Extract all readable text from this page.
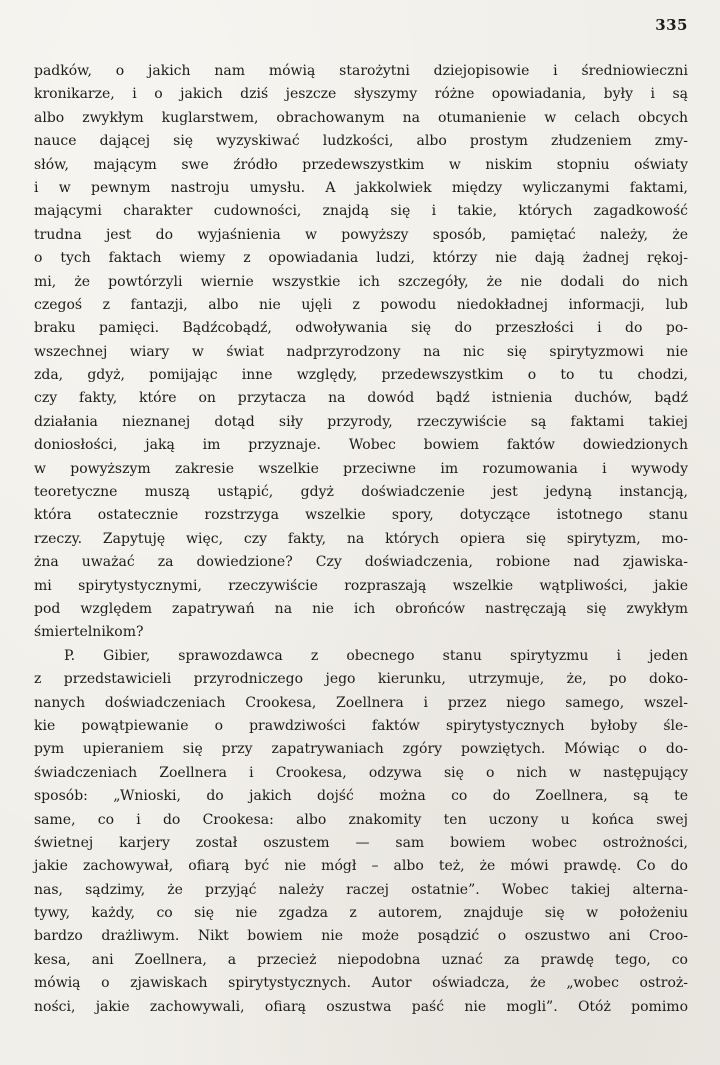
335

padków, o jakich nam mówią starożytni dziejopisowie i średniowieczni
kronikarze, i o jakich dziś jeszcze słyszymy różne opowiadania, były i są
albo zwykłym kuglarstwem, obrachowanym na otumanienie w celach obcych
nauce dającej się wyzyskiwać ludzkości, albo prostym złudzeniem zmy-
słów, mającym swe źródło przedewszystkim w niskim stopniu oświaty
i w pewnym nastroju umysłu. A jakkolwiek między wyliczanymi faktami,
mającymi charakter cudowności, znajdą się i takie, których zagadkowość
trudna jest do wyjaśnienia w powyższy sposób, pamiętać należy, że
o tych faktach wiemy z opowiadania ludzi, którzy nie dają żadnej rękoj-
mi, że powtórzyli wiernie wszystkie ich szczegóły, że nie dodali do nich
czegoś z fantazji, albo nie ujęli z powodu niedokładnej informacji, lub
braku pamięci. Bądźcobądź, odwoływania się do przeszłości i do po-
wszechnej wiary w świat nadprzyrodzony na nic się spirytyzmowi nie
zda, gdyż, pomijając inne względy, przedewszystkim o to tu chodzi,
czy fakty, które on przytacza na dowód bądź istnienia duchów, bądź
działania nieznanej dotąd siły przyrody, rzeczywiście są faktami takiej
doniosłości, jaką im przyznaje. Wobec bowiem faktów dowiedzionych
w powyższym zakresie wszelkie przeciwne im rozumowania i wywody
teoretyczne muszą ustąpić, gdyż doświadczenie jest jedyną instancją,
która ostatecznie rozstrzyga wszelkie spory, dotyczące istotnego stanu
rzeczy. Zapytuję więc, czy fakty, na których opiera się spirytyzm, mo-
żna uważać za dowiedzione? Czy doświadczenia, robione nad zjawiska-
mi spirytystycznymi, rzeczywiście rozpraszają wszelkie wątpliwości, jakie
pod względem zapatrywań na nie ich obrońców nastręczają się zwykłym
śmiertelnikom?

P. Gibier, sprawozdawca z obecnego stanu spirytyzmu i jeden
z przedstawicieli przyrodniczego jego kierunku, utrzymuje, że, po doko-
nanych doświadczeniach Crookesa, Zoellnera i przez niego samego, wszel-
kie powątpiewanie o prawdziwości faktów spirytystycznych byłoby śle-
pym upieraniem się przy zapatrywaniach zgóry powziętych. Mówiąc o do-
świadczeniach Zoellnera i Crookesa, odzywa się o nich w następujący
sposób: „Wnioski, do jakich dojść można co do Zoellnera, są te
same, co i do Crookesa: albo znakomity ten uczony u końca swej
świetnej karjery został oszustem — sam bowiem wobec ostrożności,
jakie zachowywał, ofiarą być nie mógł – albo też, że mówi prawdę. Co do
nas, sądzimy, że przyjąć należy raczej ostatnie”. Wobec takiej alterna-
tywy, każdy, co się nie zgadza z autorem, znajduje się w położeniu
bardzo drażliwym. Nikt bowiem nie może posądzić o oszustwo ani Croo-
kesa, ani Zoellnera, a przecież niepodobna uznać za prawdę tego, co
mówią o zjawiskach spirytystycznych. Autor oświadcza, że „wobec ostroż-
ności, jakie zachowywali, ofiarą oszustwa paść nie mogli”. Otóż pomimo
